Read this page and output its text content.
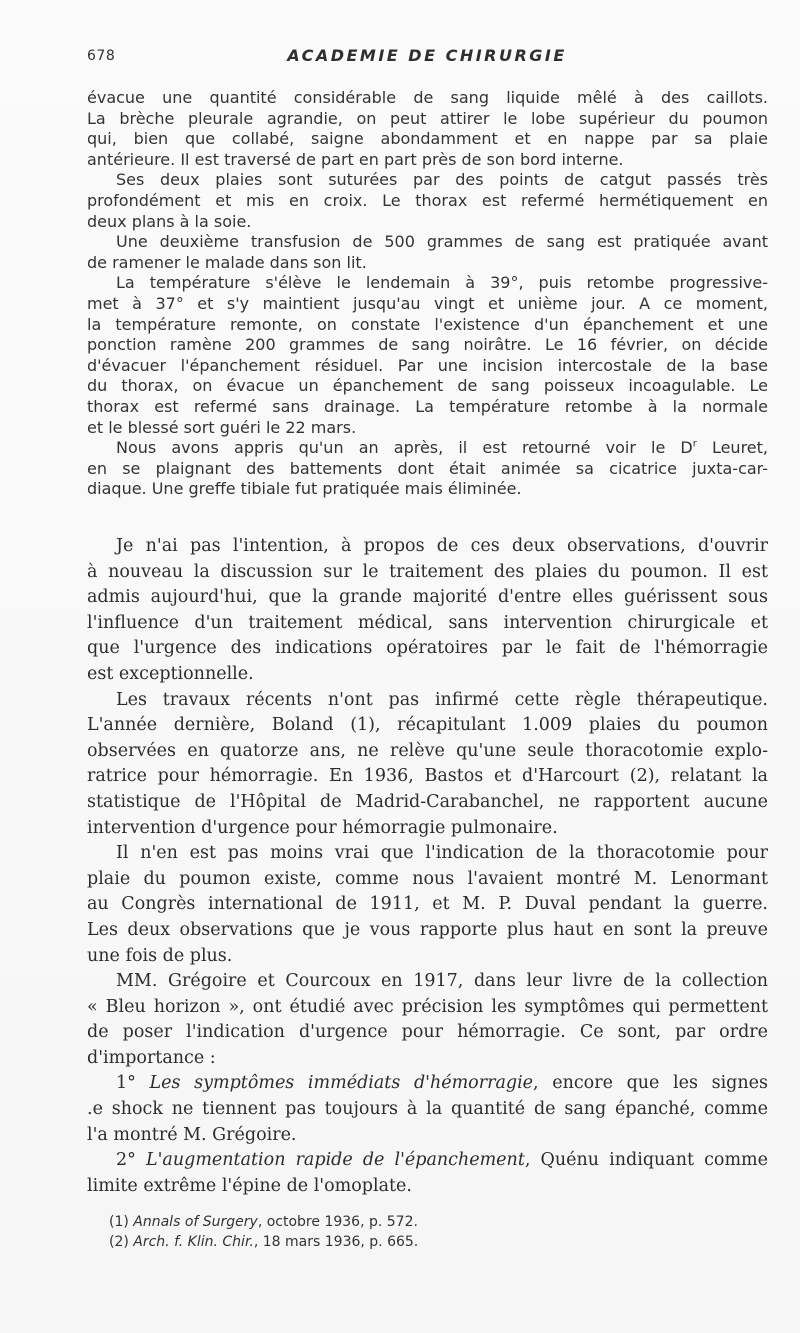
678	ACADEMIE DE CHIRURGIE
évacue une quantité considérable de sang liquide mêlé à des caillots.
La brèche pleurale agrandie, on peut attirer le lobe supérieur du poumon
qui, bien que collabé, saigne abondamment et en nappe par sa plaie
antérieure. Il est traversé de part en part près de son bord interne.
Ses deux plaies sont suturées par des points de catgut passés très
profondément et mis en croix. Le thorax est refermé hermétiquement en
deux plans à la soie.
Une deuxième transfusion de 500 grammes de sang est pratiquée avant
de ramener le malade dans son lit.
La température s'élève le lendemain à 39°, puis retombe progressive-
met à 37° et s'y maintient jusqu'au vingt et unième jour. A ce moment,
la température remonte, on constate l'existence d'un épanchement et une
ponction ramène 200 grammes de sang noirâtre. Le 16 février, on décide
d'évacuer l'épanchement résiduel. Par une incision intercostale de la base
du thorax, on évacue un épanchement de sang poisseux incoagulable. Le
thorax est refermé sans drainage. La température retombe à la normale
et le blessé sort guéri le 22 mars.
Nous avons appris qu'un an après, il est retourné voir le $D^r$ Leuret,
en se plaignant des battements dont était animée sa cicatrice juxta-car-
diaque. Une greffe tibiale fut pratiquée mais éliminée.
Je n'ai pas l'intention, à propos de ces deux observations, d'ouvrir
à nouveau la discussion sur le traitement des plaies du poumon. Il est
admis aujourd'hui, que la grande majorité d'entre elles guérissent sous
l'influence d'un traitement médical, sans intervention chirurgicale et
que l'urgence des indications opératoires par le fait de l'hémorragie
est exceptionnelle.
Les travaux récents n'ont pas infirmé cette règle thérapeutique.
L'année dernière, Boland (1), récapitulant 1.009 plaies du poumon
observées en quatorze ans, ne relève qu'une seule thoracotomie explo-
ratrice pour hémorragie. En 1936, Bastos et d'Harcourt (2), relatant la
statistique de l'Hôpital de Madrid-Carabanchel, ne rapportent aucune
intervention d'urgence pour hémorragie pulmonaire.
Il n'en est pas moins vrai que l'indication de la thoracotomie pour
plaie du poumon existe, comme nous l'avaient montré M. Lenormant
au Congrès international de 1911, et M. P. Duval pendant la guerre.
Les deux observations que je vous rapporte plus haut en sont la preuve
une fois de plus.
MM. Grégoire et Courcoux en 1917, dans leur livre de la collection
« Bleu horizon », ont étudié avec précision les symptômes qui permettent
de poser l'indication d'urgence pour hémorragie. Ce sont, par ordre
d'importance :
1° Les symptômes immédiats d'hémorragie, encore que les signes
.e shock ne tiennent pas toujours à la quantité de sang épanché, comme
l'a montré M. Grégoire.
2° L'augmentation rapide de l'épanchement, Quénu indiquant comme
limite extrême l'épine de l'omoplate.
(1) Annals of Surgery, octobre 1936, p. 572.
(2) Arch. f. Klin. Chir., 18 mars 1936, p. 665.
